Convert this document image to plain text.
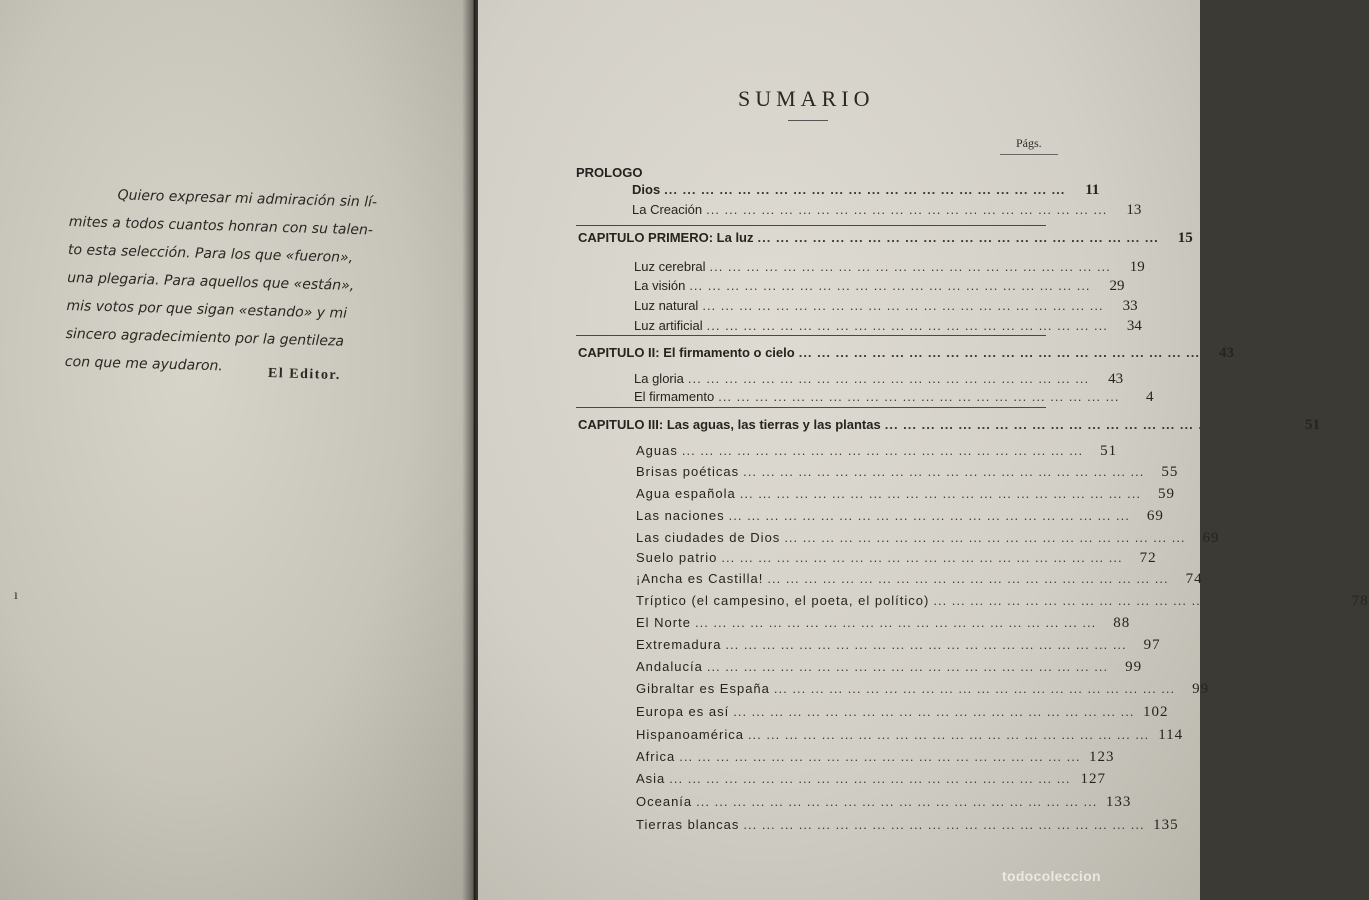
Quiero expresar mi admiración sin lí-
mites a todos cuantos honran con su talen-
to esta selección. Para los que «fueron»,
una plegaria. Para aquellos que «están»,
mis votos por que sigan «estando» y mi
sincero agradecimiento por la gentileza
con que me ayudaron.
El Editor.
ı
SUMARIO
Págs.
PROLOGO
Dios ... ... ... ... ... ... ... ... ... ... ... ... ... ... ... ... ... ... ... ... ... ...	11
La Creación ... ... ... ... ... ... ... ... ... ... ... ... ... ... ... ... ... ... ... ... ... ...	13
CAPITULO PRIMERO: La luz ... ... ... ... ... ... ... ... ... ... ... ... ... ... ... ... ... ... ... ... ... ...	15
Luz cerebral ... ... ... ... ... ... ... ... ... ... ... ... ... ... ... ... ... ... ... ... ... ...	19
La visión ... ... ... ... ... ... ... ... ... ... ... ... ... ... ... ... ... ... ... ... ... ...	29
Luz natural ... ... ... ... ... ... ... ... ... ... ... ... ... ... ... ... ... ... ... ... ... ...	33
Luz artificial ... ... ... ... ... ... ... ... ... ... ... ... ... ... ... ... ... ... ... ... ... ...	34
CAPITULO II: El firmamento o cielo ... ... ... ... ... ... ... ... ... ... ... ... ... ... ... ... ... ... ... ... ... ...	43
La gloria ... ... ... ... ... ... ... ... ... ... ... ... ... ... ... ... ... ... ... ... ... ...	43
El firmamento ... ... ... ... ... ... ... ... ... ... ... ... ... ... ... ... ... ... ... ... ... ...	4
CAPITULO III: Las aguas, las tierras y las plantas ... ... ... ... ... ... ... ... ... ... ... ... ... ... ... ... ... ... ... ... ... ...	51
Aguas ... ... ... ... ... ... ... ... ... ... ... ... ... ... ... ... ... ... ... ... ... ...	51
Brisas poéticas ... ... ... ... ... ... ... ... ... ... ... ... ... ... ... ... ... ... ... ... ... ...	55
Agua española ... ... ... ... ... ... ... ... ... ... ... ... ... ... ... ... ... ... ... ... ... ...	59
Las naciones ... ... ... ... ... ... ... ... ... ... ... ... ... ... ... ... ... ... ... ... ... ...	69
Las ciudades de Dios ... ... ... ... ... ... ... ... ... ... ... ... ... ... ... ... ... ... ... ... ... ...	69
Suelo patrio ... ... ... ... ... ... ... ... ... ... ... ... ... ... ... ... ... ... ... ... ... ...	72
¡Ancha es Castilla! ... ... ... ... ... ... ... ... ... ... ... ... ... ... ... ... ... ... ... ... ... ...	74
Tríptico (el campesino, el poeta, el político) ... ... ... ... ... ... ... ... ... ... ... ... ... ... ... ... ... ... ... ... ... ...	78
El Norte ... ... ... ... ... ... ... ... ... ... ... ... ... ... ... ... ... ... ... ... ... ...	88
Extremadura ... ... ... ... ... ... ... ... ... ... ... ... ... ... ... ... ... ... ... ... ... ...	97
Andalucía ... ... ... ... ... ... ... ... ... ... ... ... ... ... ... ... ... ... ... ... ... ...	99
Gibraltar es España ... ... ... ... ... ... ... ... ... ... ... ... ... ... ... ... ... ... ... ... ... ...	99
Europa es así ... ... ... ... ... ... ... ... ... ... ... ... ... ... ... ... ... ... ... ... ... ... 102
Hispanoamérica ... ... ... ... ... ... ... ... ... ... ... ... ... ... ... ... ... ... ... ... ... ... 114
Africa ... ... ... ... ... ... ... ... ... ... ... ... ... ... ... ... ... ... ... ... ... ... 123
Asia ... ... ... ... ... ... ... ... ... ... ... ... ... ... ... ... ... ... ... ... ... ... 127
Oceanía ... ... ... ... ... ... ... ... ... ... ... ... ... ... ... ... ... ... ... ... ... ... 133
Tierras blancas ... ... ... ... ... ... ... ... ... ... ... ... ... ... ... ... ... ... ... ... ... ... 135
todocoleccion
